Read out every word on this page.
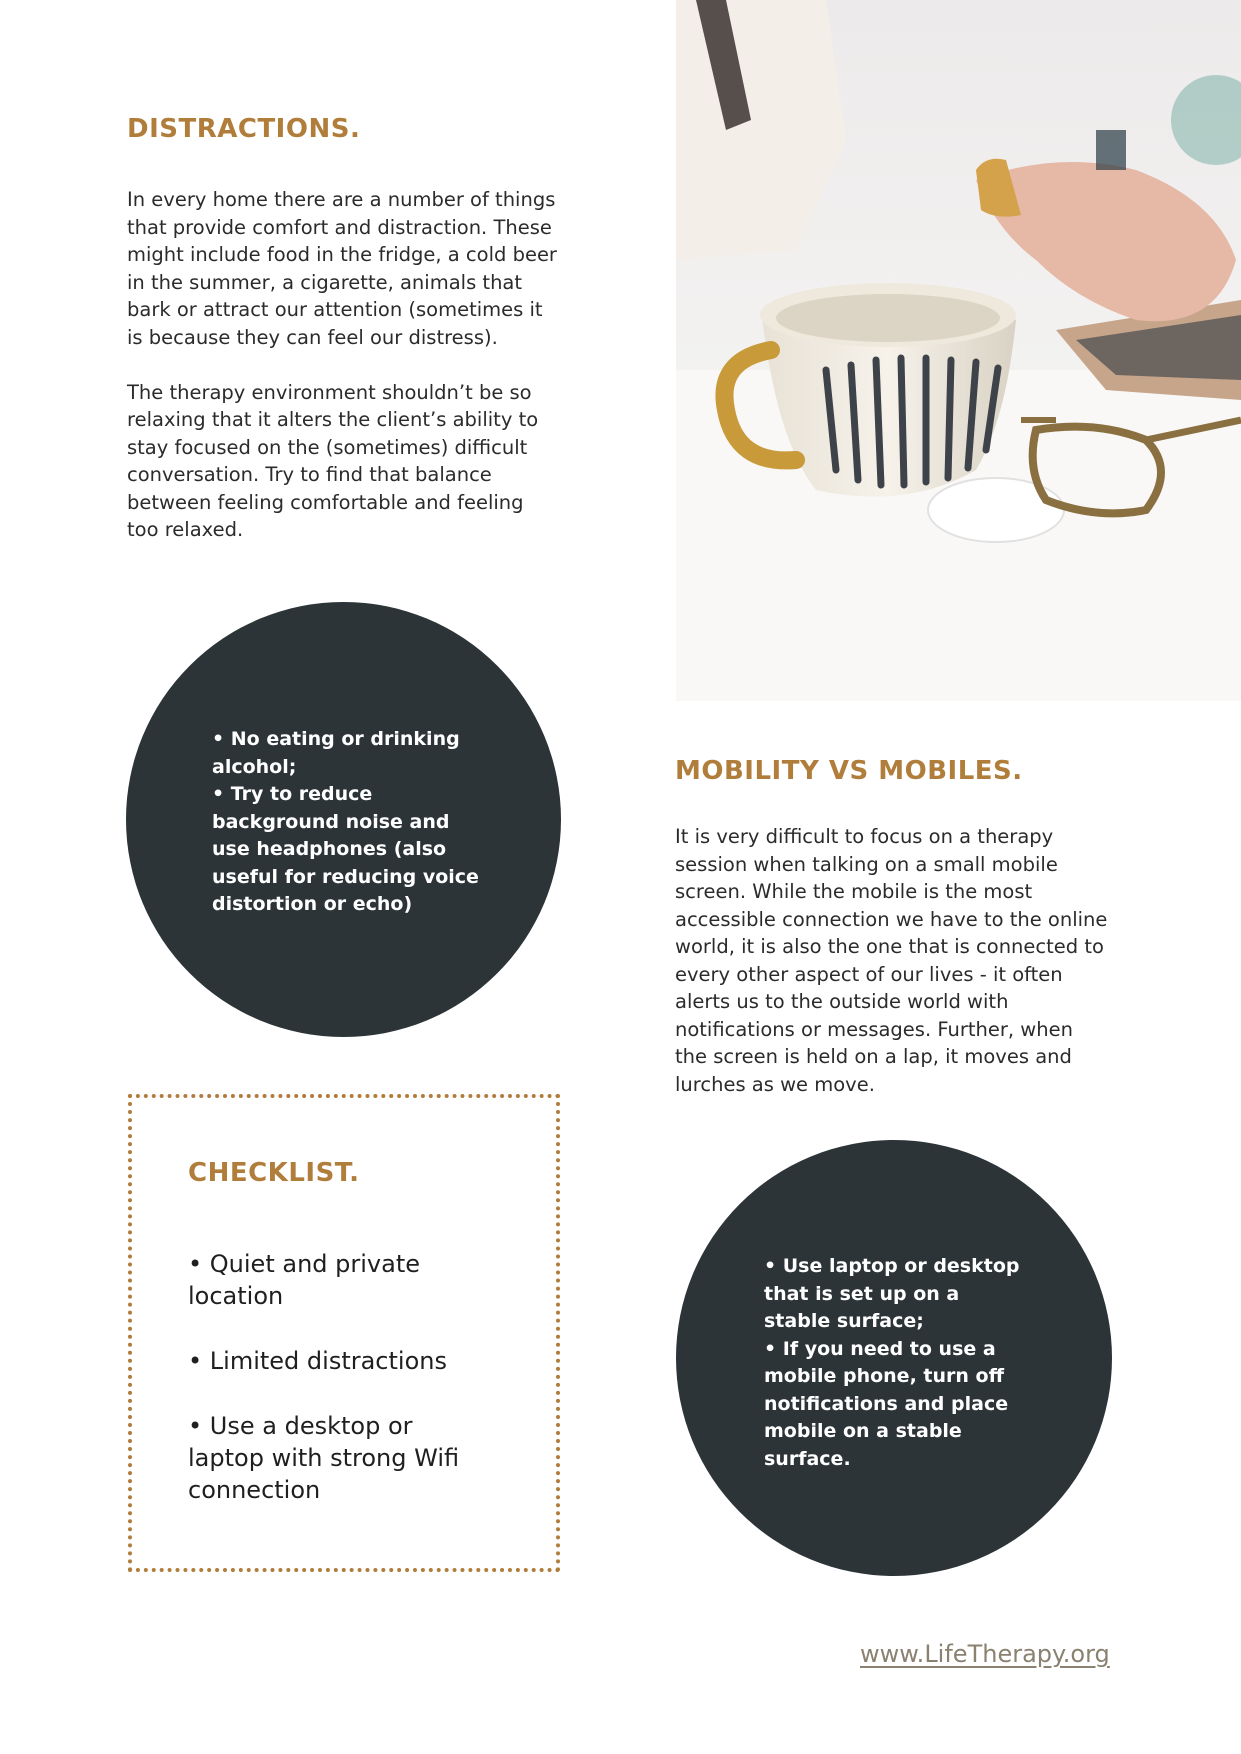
DISTRACTIONS.

In every home there are a number of things that provide comfort and distraction. These might include food in the fridge, a cold beer in the summer, a cigarette, animals that bark or attract our attention (sometimes it is because they can feel our distress).

The therapy environment shouldn’t be so relaxing that it alters the client’s ability to stay focused on the (sometimes) difficult conversation. Try to find that balance between feeling comfortable and feeling too relaxed.

• No eating or drinking alcohol;

• Try to reduce background noise and use headphones (also useful for reducing voice distortion or echo)

MOBILITY VS MOBILES.

It is very difficult to focus on a therapy session when talking on a small mobile screen. While the mobile is the most accessible connection we have to the online world, it is also the one that is connected to every other aspect of our lives - it often alerts us to the outside world with notifications or messages. Further, when the screen is held on a lap, it moves and lurches as we move.

CHECKLIST.

• Quiet and private location

• Limited distractions

• Use a desktop or laptop with strong Wifi connection

• Use laptop or desktop that is set up on a stable surface;

• If you need to use a mobile phone, turn off notifications and place mobile on a stable surface.

www.LifeTherapy.org
